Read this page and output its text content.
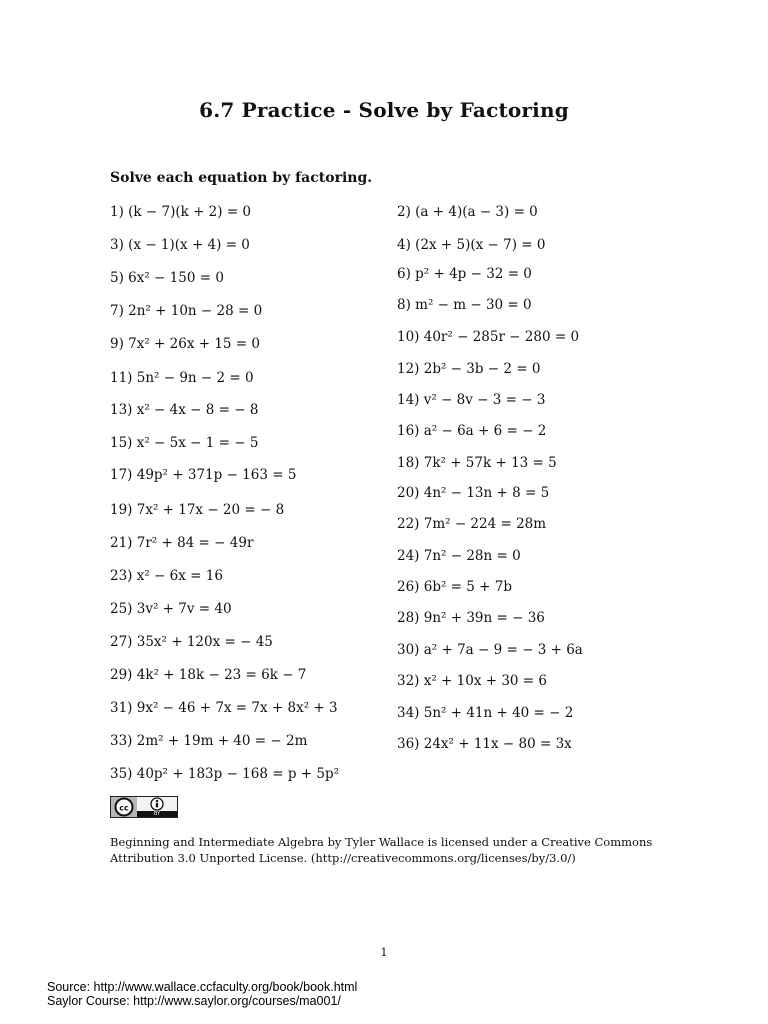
6.7 Practice - Solve by Factoring
Solve each equation by factoring.
1) (k − 7)(k + 2) = 0
3) (x − 1)(x + 4) = 0
5) 6x² − 150 = 0
7) 2n² + 10n − 28 = 0
9) 7x² + 26x + 15 = 0
11) 5n² − 9n − 2 = 0
13) x² − 4x − 8 = − 8
15) x² − 5x − 1 = − 5
17) 49p² + 371p − 163 = 5
19) 7x² + 17x − 20 = − 8
21) 7r² + 84 = − 49r
23) x² − 6x = 16
25) 3v² + 7v = 40
27) 35x² + 120x = − 45
29) 4k² + 18k − 23 = 6k − 7
31) 9x² − 46 + 7x = 7x + 8x² + 3
33) 2m² + 19m + 40 = − 2m
35) 40p² + 183p − 168 = p + 5p²
2) (a + 4)(a − 3) = 0
4) (2x + 5)(x − 7) = 0
6) p² + 4p − 32 = 0
8) m² − m − 30 = 0
10) 40r² − 285r − 280 = 0
12) 2b² − 3b − 2 = 0
14) v² − 8v − 3 = − 3
16) a² − 6a + 6 = − 2
18) 7k² + 57k + 13 = 5
20) 4n² − 13n + 8 = 5
22) 7m² − 224 = 28m
24) 7n² − 28n = 0
26) 6b² = 5 + 7b
28) 9n² + 39n = − 36
30) a² + 7a − 9 = − 3 + 6a
32) x² + 10x + 30 = 6
34) 5n² + 41n + 40 = − 2
36) 24x² + 11x − 80 = 3x
cc
BY
Beginning and Intermediate Algebra by Tyler Wallace is licensed under a Creative Commons Attribution 3.0 Unported License. (http://creativecommons.org/licenses/by/3.0/)
1
Source: http://www.wallace.ccfaculty.org/book/book.html
Saylor Course: http://www.saylor.org/courses/ma001/
